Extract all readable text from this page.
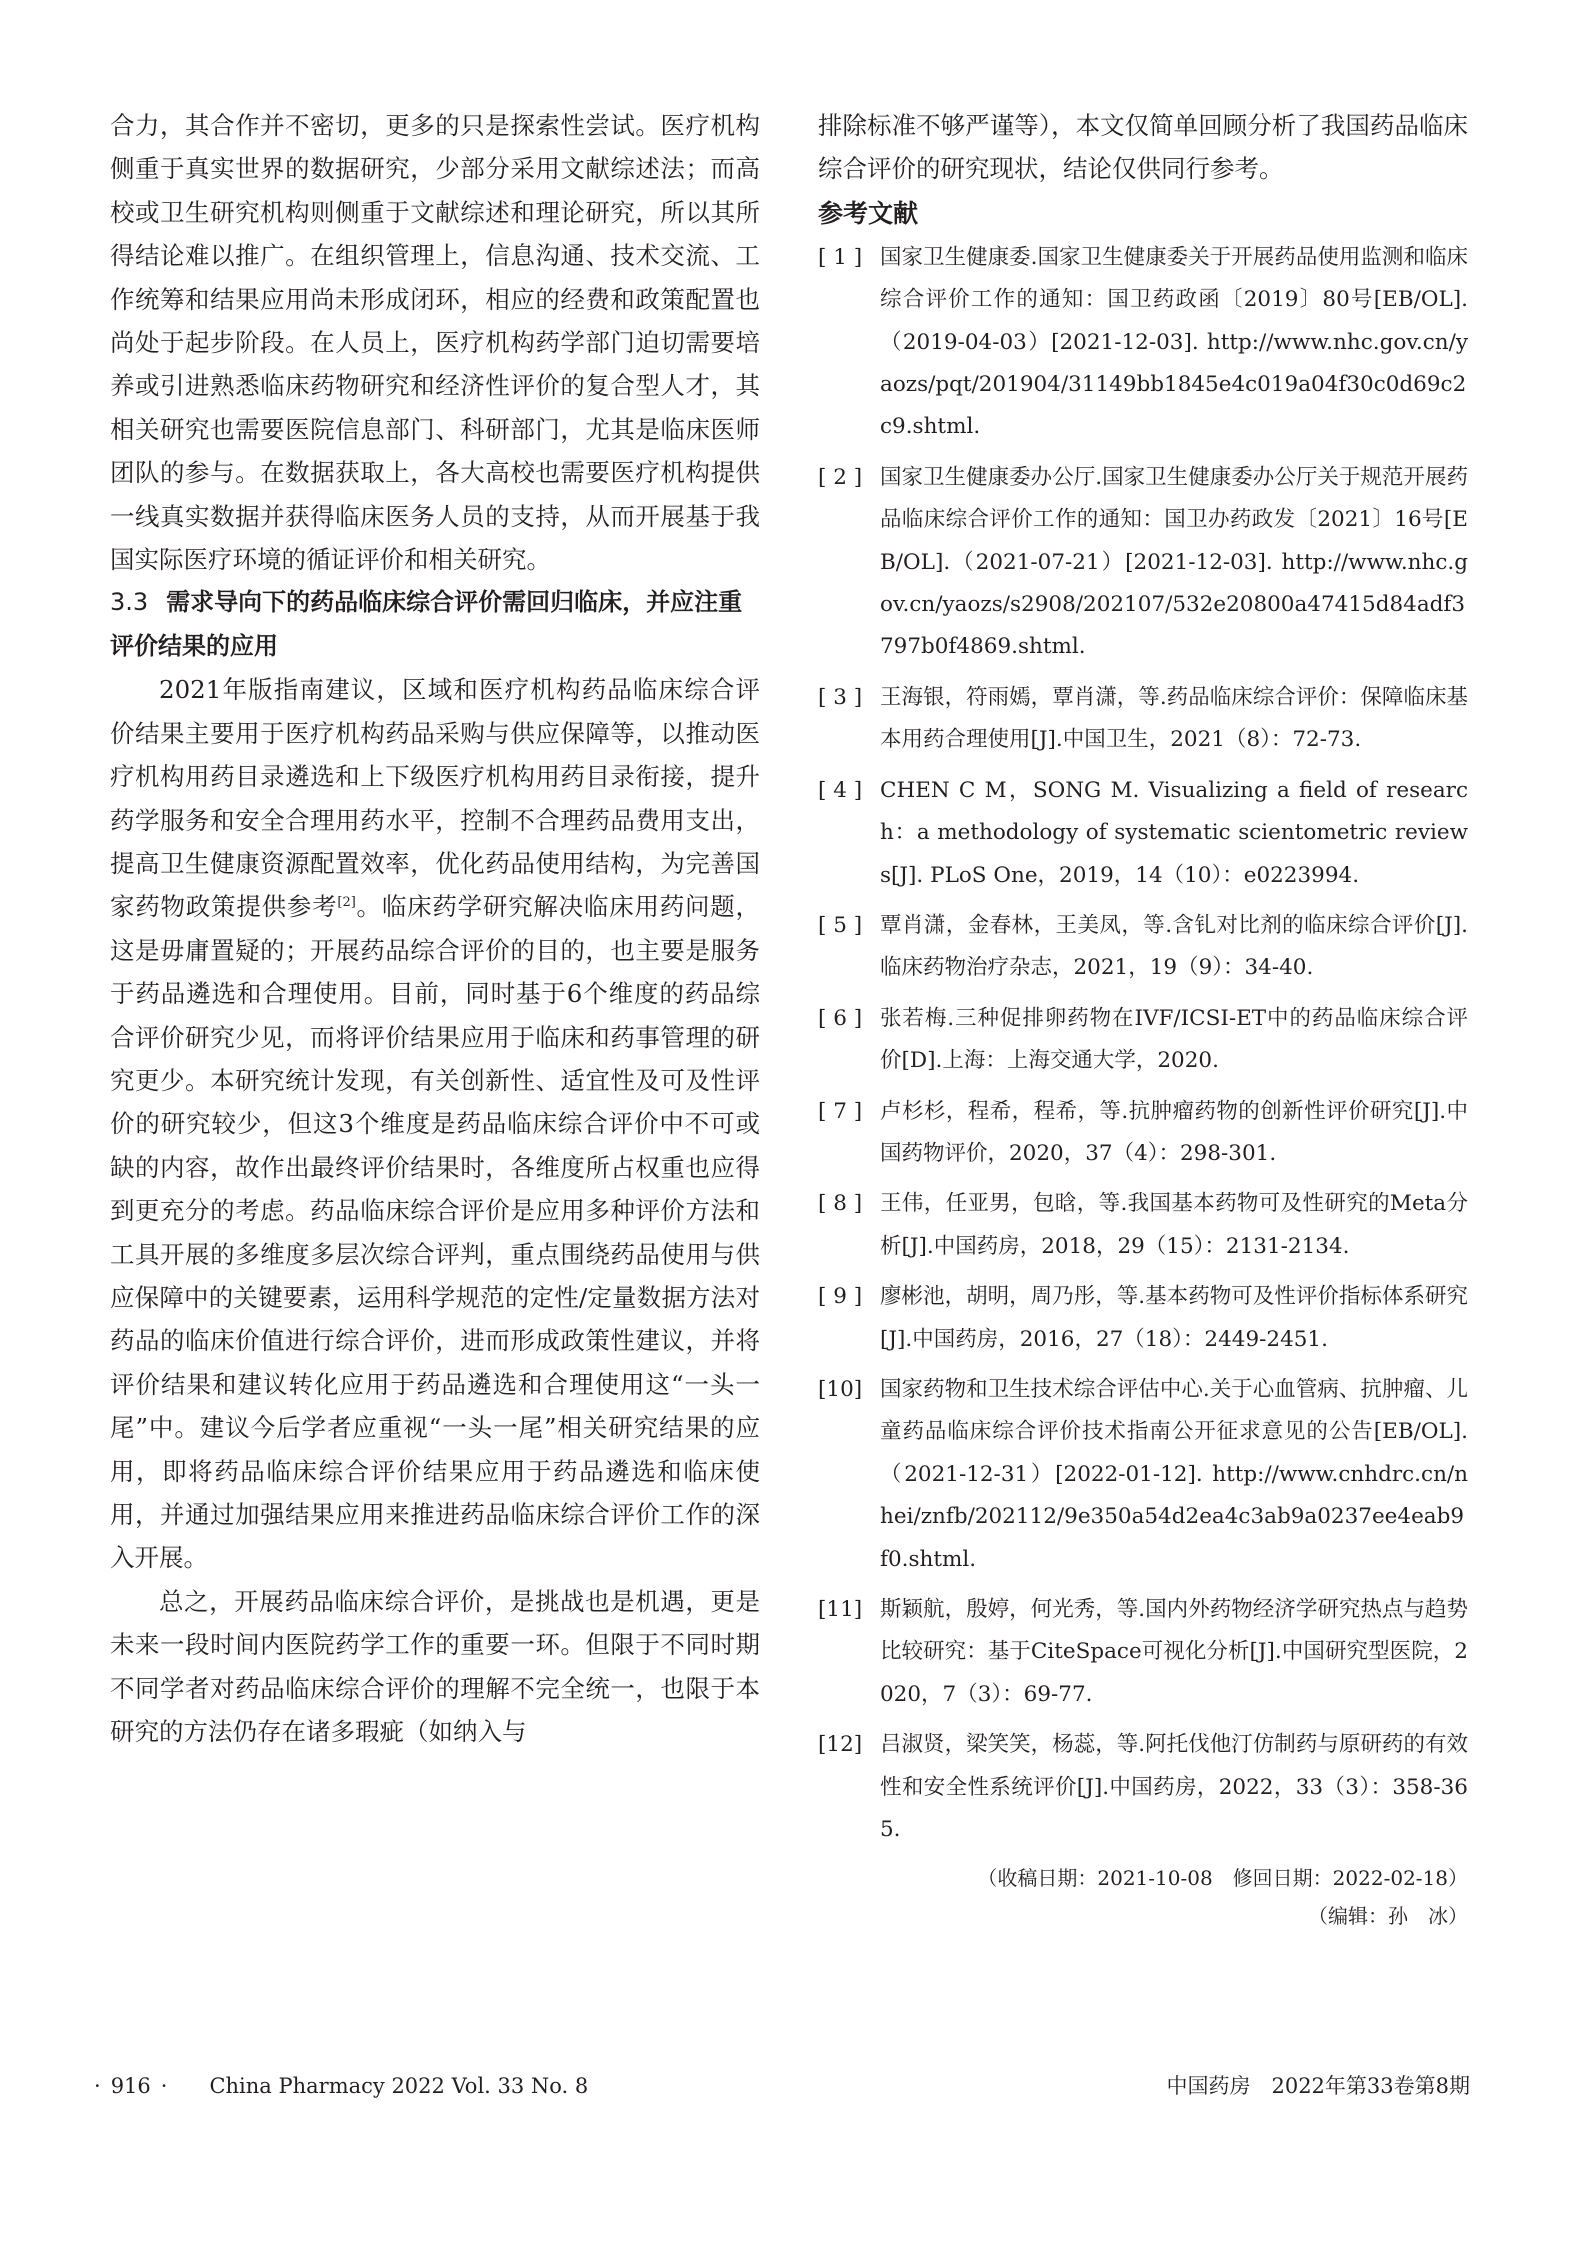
合力，其合作并不密切，更多的只是探索性尝试。医疗机构侧重于真实世界的数据研究，少部分采用文献综述法；而高校或卫生研究机构则侧重于文献综述和理论研究，所以其所得结论难以推广。在组织管理上，信息沟通、技术交流、工作统筹和结果应用尚未形成闭环，相应的经费和政策配置也尚处于起步阶段。在人员上，医疗机构药学部门迫切需要培养或引进熟悉临床药物研究和经济性评价的复合型人才，其相关研究也需要医院信息部门、科研部门，尤其是临床医师团队的参与。在数据获取上，各大高校也需要医疗机构提供一线真实数据并获得临床医务人员的支持，从而开展基于我国实际医疗环境的循证评价和相关研究。

3.3 需求导向下的药品临床综合评价需回归临床，并应注重评价结果的应用

2021年版指南建议，区域和医疗机构药品临床综合评价结果主要用于医疗机构药品采购与供应保障等，以推动医疗机构用药目录遴选和上下级医疗机构用药目录衔接，提升药学服务和安全合理用药水平，控制不合理药品费用支出，提高卫生健康资源配置效率，优化药品使用结构，为完善国家药物政策提供参考[2]。临床药学研究解决临床用药问题，这是毋庸置疑的；开展药品综合评价的目的，也主要是服务于药品遴选和合理使用。目前，同时基于6个维度的药品综合评价研究少见，而将评价结果应用于临床和药事管理的研究更少。本研究统计发现，有关创新性、适宜性及可及性评价的研究较少，但这3个维度是药品临床综合评价中不可或缺的内容，故作出最终评价结果时，各维度所占权重也应得到更充分的考虑。药品临床综合评价是应用多种评价方法和工具开展的多维度多层次综合评判，重点围绕药品使用与供应保障中的关键要素，运用科学规范的定性/定量数据方法对药品的临床价值进行综合评价，进而形成政策性建议，并将评价结果和建议转化应用于药品遴选和合理使用这“一头一尾”中。建议今后学者应重视“一头一尾”相关研究结果的应用，即将药品临床综合评价结果应用于药品遴选和临床使用，并通过加强结果应用来推进药品临床综合评价工作的深入开展。

总之，开展药品临床综合评价，是挑战也是机遇，更是未来一段时间内医院药学工作的重要一环。但限于不同时期不同学者对药品临床综合评价的理解不完全统一，也限于本研究的方法仍存在诸多瑕疵（如纳入与

排除标准不够严谨等），本文仅简单回顾分析了我国药品临床综合评价的研究现状，结论仅供同行参考。

参考文献

[ 1 ] 国家卫生健康委.国家卫生健康委关于开展药品使用监测和临床综合评价工作的通知：国卫药政函〔2019〕80号[EB/OL].（2019-04-03）[2021-12-03]. http://www.nhc.gov.cn/yaozs/pqt/201904/31149bb1845e4c019a04f30c0d69c2c9.shtml.
[ 2 ] 国家卫生健康委办公厅.国家卫生健康委办公厅关于规范开展药品临床综合评价工作的通知：国卫办药政发〔2021〕16号[EB/OL].（2021-07-21）[2021-12-03]. http://www.nhc.gov.cn/yaozs/s2908/202107/532e20800a47415d84adf3797b0f4869.shtml.
[ 3 ] 王海银，符雨嫣，覃肖潇，等.药品临床综合评价：保障临床基本用药合理使用[J].中国卫生，2021（8）：72-73.
[ 4 ] CHEN C M，SONG M. Visualizing a field of research：a methodology of systematic scientometric reviews[J]. PLoS One，2019，14（10）：e0223994.
[ 5 ] 覃肖潇，金春林，王美凤，等.含钆对比剂的临床综合评价[J].临床药物治疗杂志，2021，19（9）：34-40.
[ 6 ] 张若梅.三种促排卵药物在IVF/ICSI-ET中的药品临床综合评价[D].上海：上海交通大学，2020.
[ 7 ] 卢杉杉，程希，程希，等.抗肿瘤药物的创新性评价研究[J].中国药物评价，2020，37（4）：298-301.
[ 8 ] 王伟，任亚男，包晗，等.我国基本药物可及性研究的Meta分析[J].中国药房，2018，29（15）：2131-2134.
[ 9 ] 廖彬池，胡明，周乃彤，等.基本药物可及性评价指标体系研究[J].中国药房，2016，27（18）：2449-2451.
[10] 国家药物和卫生技术综合评估中心.关于心血管病、抗肿瘤、儿童药品临床综合评价技术指南公开征求意见的公告[EB/OL].（2021-12-31）[2022-01-12]. http://www.cnhdrc.cn/nhei/znfb/202112/9e350a54d2ea4c3ab9a0237ee4eab9f0.shtml.
[11] 斯颖航，殷婷，何光秀，等.国内外药物经济学研究热点与趋势比较研究：基于CiteSpace可视化分析[J].中国研究型医院，2020，7（3）：69-77.
[12] 吕淑贤，梁笑笑，杨蕊，等.阿托伐他汀仿制药与原研药的有效性和安全性系统评价[J].中国药房，2022，33（3）：358-365.
（收稿日期：2021-10-08　修回日期：2022-02-18）
（编辑：孙　冰）
· 916 · China Pharmacy 2022 Vol. 33 No. 8	中国药房　2022年第33卷第8期
